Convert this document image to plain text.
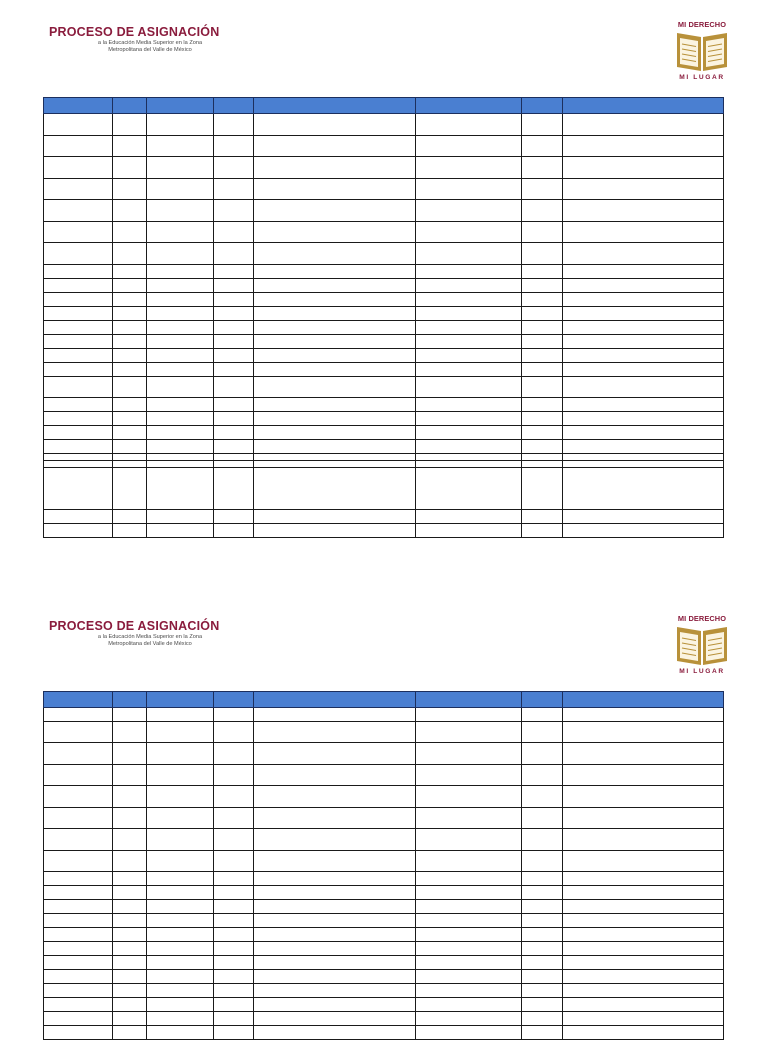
PROCESO DE ASIGNACIÓN
a la Educación Media Superior en la Zona
Metropolitana del Valle de México
MI DERECHO
MI LUGAR

PROCESO DE ASIGNACIÓN
a la Educación Media Superior en la Zona
Metropolitana del Valle de México
MI DERECHO
MI LUGAR
